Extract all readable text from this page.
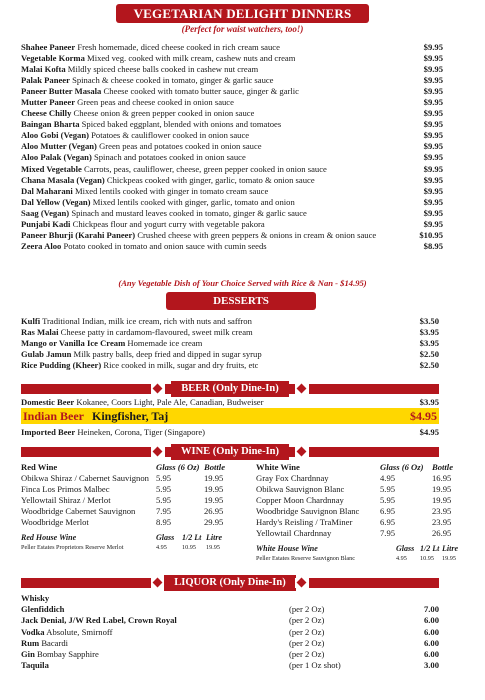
VEGETARIAN DELIGHT DINNERS
(Perfect for waist watchers, too!)
Shahee Paneer Fresh homemade, diced cheese cooked in rich cream sauce	$9.95
Vegetable Korma Mixed veg. cooked with milk cream, cashew nuts and cream	$9.95
Malai Kofta Mildly spiced cheese balls cooked in cashew nut cream	$9.95
Palak Paneer Spinach & cheese cooked in tomato, ginger & garlic sauce	$9.95
Paneer Butter Masala Cheese cooked with tomato butter sauce, ginger & garlic	$9.95
Mutter Paneer Green peas and cheese cooked in onion sauce	$9.95
Cheese Chilly Cheese onion & green pepper cooked in onion sauce	$9.95
Baingan Bharta Spiced baked eggplant, blended with onions and tomatoes	$9.95
Aloo Gobi (Vegan) Potatoes & cauliflower cooked in onion sauce	$9.95
Aloo Mutter (Vegan) Green peas and potatoes cooked in onion sauce	$9.95
Aloo Palak (Vegan) Spinach and potatoes cooked in onion sauce	$9.95
Mixed Vegetable Carrots, peas, cauliflower, cheese, green pepper cooked in onion sauce	$9.95
Chana Masala (Vegan) Chickpeas cooked with ginger, garlic, tomato & onion sauce	$9.95
Dal Maharani Mixed lentils cooked with ginger in tomato cream sauce	$9.95
Dal Yellow (Vegan) Mixed lentils cooked with ginger, garlic, tomato and onion	$9.95
Saag (Vegan) Spinach and mustard leaves cooked in tomato, ginger & garlic sauce	$9.95
Punjabi Kadi Chickpeas flour and yogurt curry with vegetable pakora	$9.95
Paneer Bhurji (Karahi Paneer) Crushed cheese with green peppers & onions in cream & onion sauce	$10.95
Zeera Aloo Potato cooked in tomato and onion sauce with cumin seeds	$8.95
(Any Vegetable Dish of Your Choice Served with Rice & Nan - $14.95)
DESSERTS
Kulfi Traditional Indian, milk ice cream, rich with nuts and saffron	$3.50
Ras Malai Cheese patty in cardamom-flavoured, sweet milk cream	$3.95
Mango or Vanilla Ice Cream Homemade ice cream	$3.95
Gulab Jamun Milk pastry balls, deep fried and dipped in sugar syrup	$2.50
Rice Pudding (Kheer) Rice cooked in milk, sugar and dry fruits, etc	$2.50
BEER (Only Dine-In)
Domestic Beer Kokanee, Coors Light, Pale Ale, Canadian, Budweiser	$3.95
Indian Beer Kingfisher, Taj	$4.95
Imported Beer Heineken, Corona, Tiger (Singapore)	$4.95
WINE (Only Dine-In)
Red Wine	Glass (6 Oz) Bottle
Obikwa Shiraz / Cabernet Sauvignon 5.95	19.95
Finca Los Primos Malbec	5.95	19.95
Yellowtail Shiraz / Merlot	5.95	19.95
Woodbridge Cabernet Sauvignon	7.95	26.95
Woodbridge Merlot	8.95	29.95
Red House Wine	Glass 1/2 Lt Litre
Peller Estates Proprietors Reserve Merlot	4.95	10.95	19.95
White Wine	Glass (6 Oz) Bottle
Gray Fox Chardnnay	4.95	16.95
Obikwa Sauvignon Blanc	5.95	19.95
Copper Moon Chardnnay	5.95	19.95
Woodbridge Sauvignon Blanc	6.95	23.95
Hardy's Reisling / TraMiner	6.95	23.95
Yellowtail Chardnnay	7.95	26.95
White House Wine	Glass 1/2 Lt Litre
Peller Estates Reserve Sauvignon Blanc	4.95	10.95	19.95
LIQUOR (Only Dine-In)
Whisky
Glenfiddich	(per 2 Oz)	7.00
Jack Denial, J/W Red Label, Crown Royal	(per 2 Oz)	6.00
Vodka Absolute, Smirnoff	(per 2 Oz)	6.00
Rum Bacardi	(per 2 Oz)	6.00
Gin Bombay Sapphire	(per 2 Oz)	6.00
Taquila	(per 1 Oz shot)	3.00
